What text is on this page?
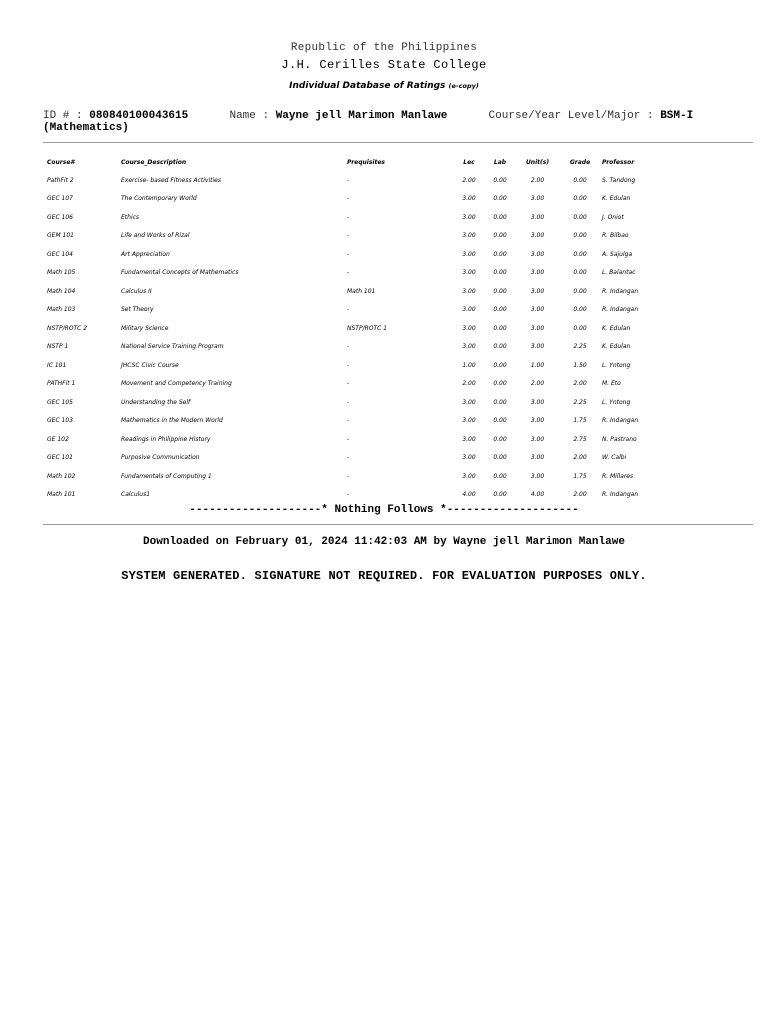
Republic of the Philippines
J.H. Cerilles State College
Individual Database of Ratings (e-copy)
ID # : 080840100043615	Name : Wayne jell Marimon Manlawe	Course/Year Level/Major : BSM-I
(Mathematics)
Course#	Course_Description	Prequisites	Lec	Lab	Unit(s)	Grade	Professor
PathFit 2	Exercise- based Fitness Activities	-	2.00	0.00	2.00	0.00	S. Tandong
GEC 107	The Contemporary World	-	3.00	0.00	3.00	0.00	K. Edulan
GEC 106	Ethics	-	3.00	0.00	3.00	0.00	J. Oniot
GEM 101	Life and Works of Rizal	-	3.00	0.00	3.00	0.00	R. Bilbao
GEC 104	Art Appreciation	-	3.00	0.00	3.00	0.00	A. Sajulga
Math 105	Fundamental Concepts of Mathematics	-	3.00	0.00	3.00	0.00	L. Balantac
Math 104	Calculus II	Math 101	3.00	0.00	3.00	0.00	R. Indangan
Math 103	Set Theory	-	3.00	0.00	3.00	0.00	R. Indangan
NSTP/ROTC 2	Military Science	NSTP/ROTC 1	3.00	0.00	3.00	0.00	K. Edulan
NSTP 1	National Service Training Program	-	3.00	0.00	3.00	2.25	K. Edulan
IC 101	JHCSC Civic Course	-	1.00	0.00	1.00	1.50	L. Yntong
PATHFit 1	Movement and Competency Training	-	2.00	0.00	2.00	2.00	M. Eto
GEC 105	Understanding the Self	-	3.00	0.00	3.00	2.25	L. Yntong
GEC 103	Mathematics in the Modern World	-	3.00	0.00	3.00	1.75	R. Indangan
GE 102	Readings in Philippine History	-	3.00	0.00	3.00	2.75	N. Pastrano
GEC 101	Purposive Communication	-	3.00	0.00	3.00	2.00	W. Calbi
Math 102	Fundamentals of Computing 1	-	3.00	0.00	3.00	1.75	R. Millares
Math 101	Calculus1	-	4.00	0.00	4.00	2.00	R. Indangan
--------------------* Nothing Follows *--------------------
Downloaded on February 01, 2024 11:42:03 AM by Wayne jell Marimon Manlawe
SYSTEM GENERATED. SIGNATURE NOT REQUIRED. FOR EVALUATION PURPOSES ONLY.
